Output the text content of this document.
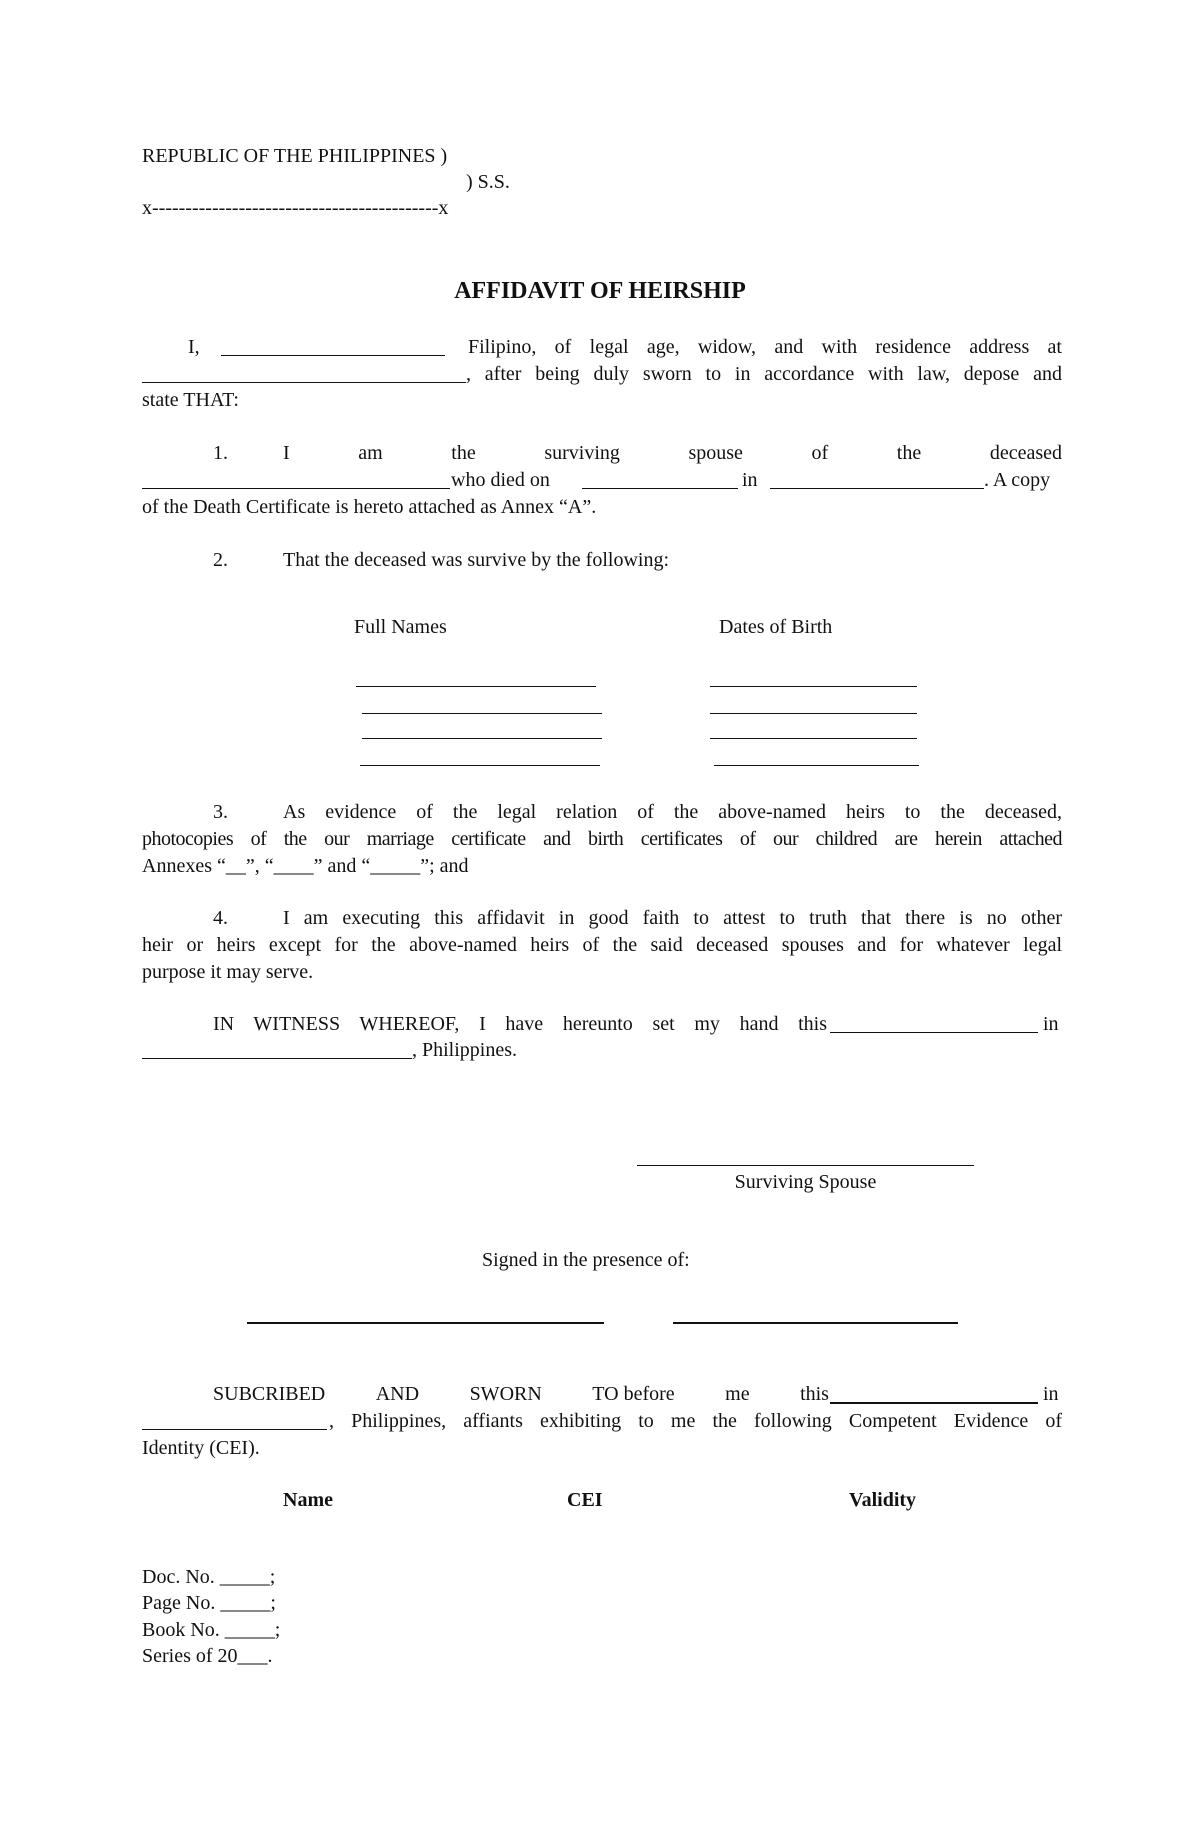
REPUBLIC OF THE PHILIPPINES )
) S.S.
x-------------------------------------------x
AFFIDAVIT OF HEIRSHIP
I,	Filipino, of legal age, widow, and with residence address at
, after being duly sworn to in accordance with law, depose and
state THAT:
1.	I	am	the	surviving	spouse	of	the	deceased
who died on	in	. A copy
of the Death Certificate is hereto attached as Annex “A”.
2.	That the deceased was survive by the following:
Full Names	Dates of Birth
3.	As evidence of the legal relation of the above-named heirs to the deceased,
photocopies of the our marriage certificate and birth certificates of our childred are herein attached
Annexes “__”, “____” and “_____”; and
4.	I am executing this affidavit in good faith to attest to truth that there is no other
heir or heirs except for the above-named heirs of the said deceased spouses and for whatever legal
purpose it may serve.
IN WITNESS WHEREOF, I have hereunto set my hand this	in
, Philippines.
Surviving Spouse
Signed in the presence of:
SUBCRIBED	AND	SWORN	TO before	me	this	in
, Philippines, affiants exhibiting to me the following Competent Evidence of
Identity (CEI).
Name	CEI	Validity
Doc. No. _____;
Page No. _____;
Book No. _____;
Series of 20___.
